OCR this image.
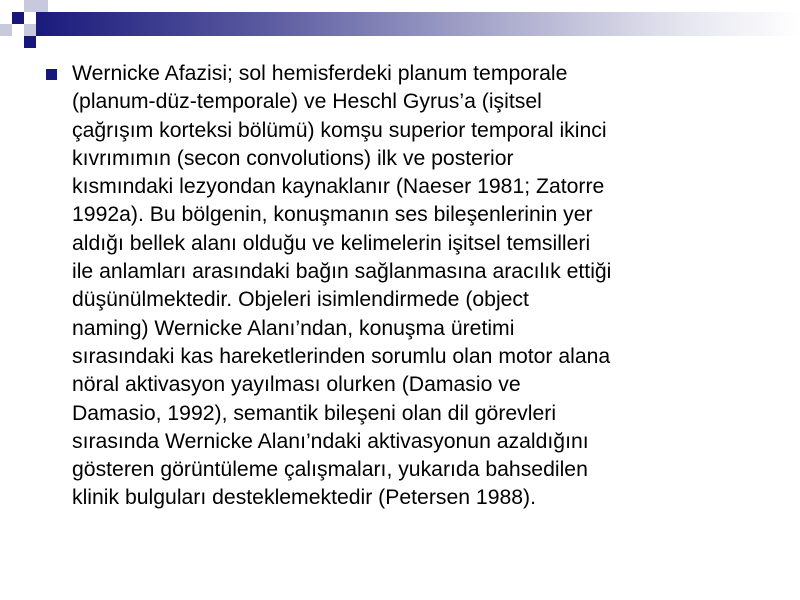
Wernicke Afazisi; sol hemisferdeki planum temporale
(planum-düz-temporale) ve Heschl Gyrus’a (işitsel
çağrışım korteksi bölümü) komşu superior temporal ikinci
kıvrımımın (secon convolutions) ilk ve posterior
kısmındaki lezyondan kaynaklanır (Naeser 1981; Zatorre
1992a). Bu bölgenin, konuşmanın ses bileşenlerinin yer
aldığı bellek alanı olduğu ve kelimelerin işitsel temsilleri
ile anlamları arasındaki bağın sağlanmasına aracılık ettiği
düşünülmektedir. Objeleri isimlendirmede (object
naming) Wernicke Alanı’ndan, konuşma üretimi
sırasındaki kas hareketlerinden sorumlu olan motor alana
nöral aktivasyon yayılması olurken (Damasio ve
Damasio, 1992), semantik bileşeni olan dil görevleri
sırasında Wernicke Alanı’ndaki aktivasyonun azaldığını
gösteren görüntüleme çalışmaları, yukarıda bahsedilen
klinik bulguları desteklemektedir (Petersen 1988).
